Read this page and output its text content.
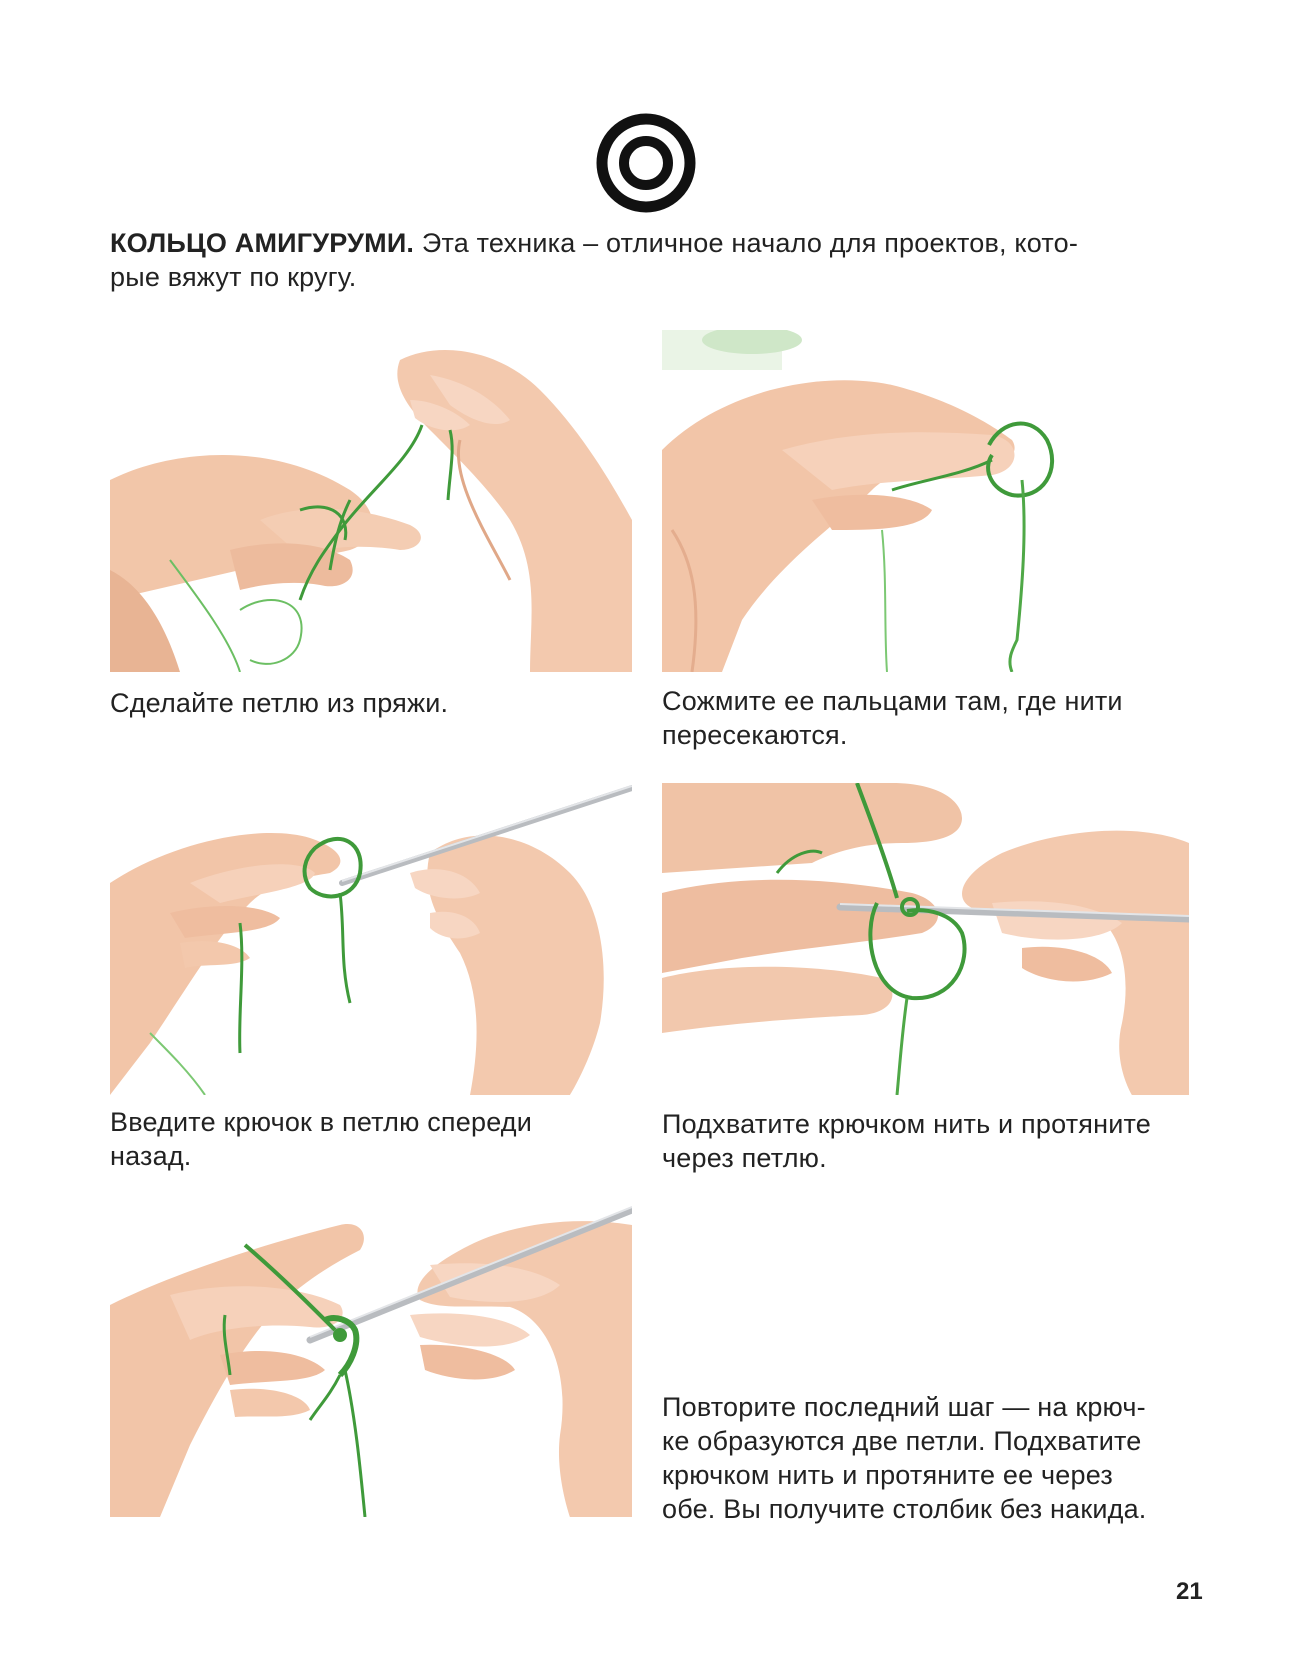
КОЛЬЦО АМИГУРУМИ. Эта техника – отличное начало для проектов, кото-
рые вяжут по кругу.
Сделайте петлю из пряжи.	Сожмите ее пальцами там, где нити
пересекаются.
Введите крючок в петлю спереди
назад.
Подхватите крючком нить и протяните
через петлю.
Повторите последний шаг — на крюч-
ке образуются две петли. Подхватите
крючком нить и протяните ее через
обе. Вы получите столбик без накида.
21
